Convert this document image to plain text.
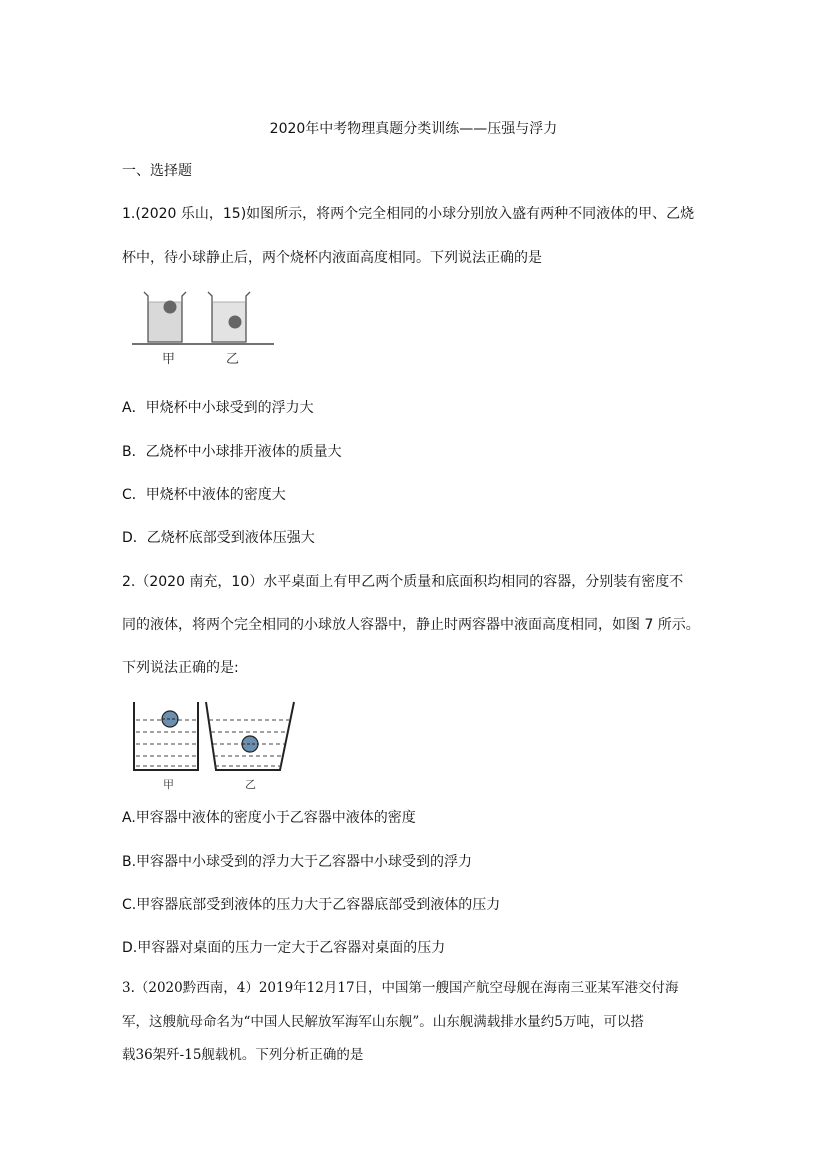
2020年中考物理真题分类训练——压强与浮力
一、选择题
1.(2020 乐山，15)如图所示，将两个完全相同的小球分别放入盛有两种不同液体的甲、乙烧
杯中，待小球静止后，两个烧杯内液面高度相同。下列说法正确的是
甲	乙
A．甲烧杯中小球受到的浮力大
B．乙烧杯中小球排开液体的质量大
C．甲烧杯中液体的密度大
D．乙烧杯底部受到液体压强大
2.（2020 南充，10）水平桌面上有甲乙两个质量和底面积均相同的容器，分别装有密度不
同的液体，将两个完全相同的小球放人容器中，静止时两容器中液面高度相同，如图 7 所示。
下列说法正确的是:
甲	乙
A.甲容器中液体的密度小于乙容器中液体的密度
B.甲容器中小球受到的浮力大于乙容器中小球受到的浮力
C.甲容器底部受到液体的压力大于乙容器底部受到液体的压力
D.甲容器对桌面的压力一定大于乙容器对桌面的压力
3.（2020黔西南，4）2019年12月17日，中国第一艘国产航空母舰在海南三亚某军港交付海
军，这艘航母命名为“中国人民解放军海军山东舰”。山东舰满载排水量约5万吨，可以搭
载36架歼-15舰载机。下列分析正确的是
